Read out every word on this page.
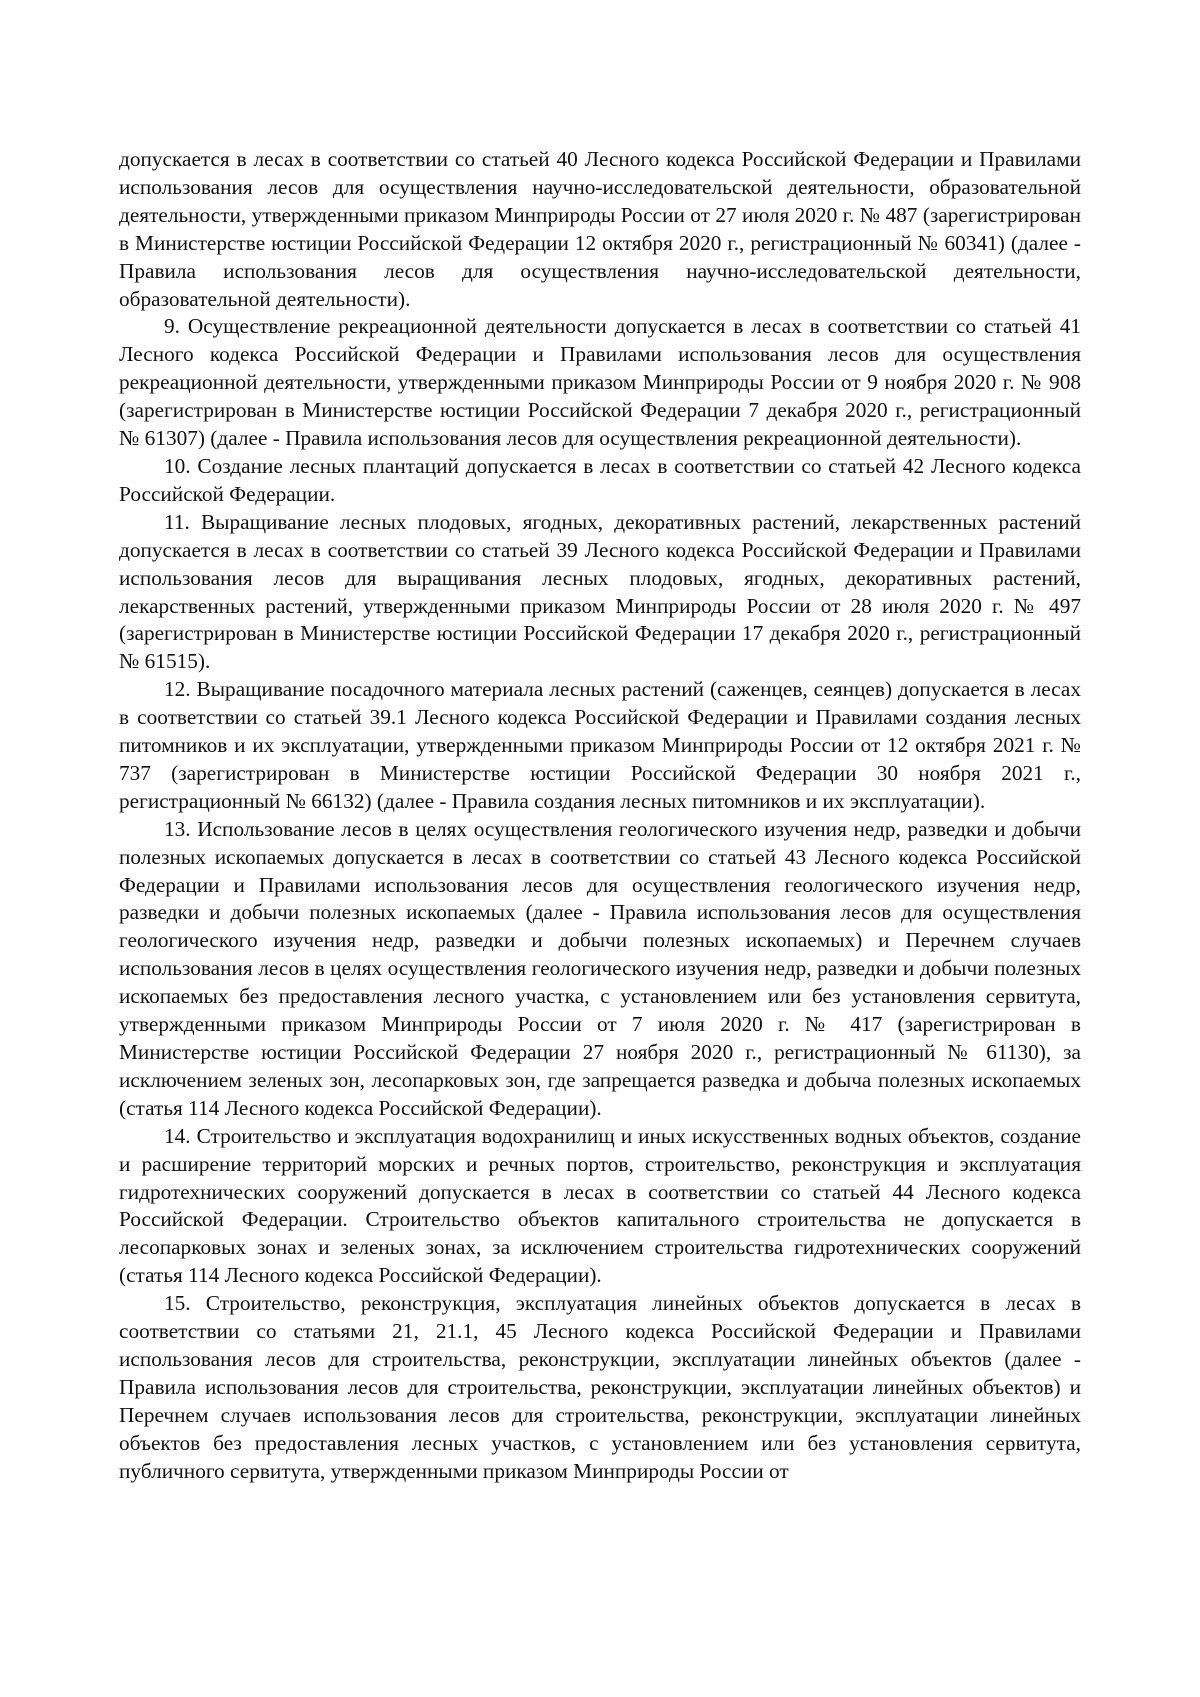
допускается в лесах в соответствии со статьей 40 Лесного кодекса Российской Федерации и Правилами использования лесов для осуществления научно-исследовательской деятельности, образовательной деятельности, утвержденными приказом Минприроды России от 27 июля 2020 г. № 487 (зарегистрирован в Министерстве юстиции Российской Федерации 12 октября 2020 г., регистрационный № 60341) (далее - Правила использования лесов для осуществления научно-исследовательской деятельности, образовательной деятельности).

9. Осуществление рекреационной деятельности допускается в лесах в соответствии со статьей 41 Лесного кодекса Российской Федерации и Правилами использования лесов для осуществления рекреационной деятельности, утвержденными приказом Минприроды России от 9 ноября 2020 г. № 908 (зарегистрирован в Министерстве юстиции Российской Федерации 7 декабря 2020 г., регистрационный № 61307) (далее - Правила использования лесов для осуществления рекреационной деятельности).

10. Создание лесных плантаций допускается в лесах в соответствии со статьей 42 Лесного кодекса Российской Федерации.

11. Выращивание лесных плодовых, ягодных, декоративных растений, лекарственных растений допускается в лесах в соответствии со статьей 39 Лесного кодекса Российской Федерации и Правилами использования лесов для выращивания лесных плодовых, ягодных, декоративных растений, лекарственных растений, утвержденными приказом Минприроды России от 28 июля 2020 г. № 497 (зарегистрирован в Министерстве юстиции Российской Федерации 17 декабря 2020 г., регистрационный № 61515).

12. Выращивание посадочного материала лесных растений (саженцев, сеянцев) допускается в лесах в соответствии со статьей 39.1 Лесного кодекса Российской Федерации и Правилами создания лесных питомников и их эксплуатации, утвержденными приказом Минприроды России от 12 октября 2021 г. № 737 (зарегистрирован в Министерстве юстиции Российской Федерации 30 ноября 2021 г., регистрационный № 66132) (далее - Правила создания лесных питомников и их эксплуатации).

13. Использование лесов в целях осуществления геологического изучения недр, разведки и добычи полезных ископаемых допускается в лесах в соответствии со статьей 43 Лесного кодекса Российской Федерации и Правилами использования лесов для осуществления геологического изучения недр, разведки и добычи полезных ископаемых (далее - Правила использования лесов для осуществления геологического изучения недр, разведки и добычи полезных ископаемых) и Перечнем случаев использования лесов в целях осуществления геологического изучения недр, разведки и добычи полезных ископаемых без предоставления лесного участка, с установлением или без установления сервитута, утвержденными приказом Минприроды России от 7 июля 2020 г. № 417 (зарегистрирован в Министерстве юстиции Российской Федерации 27 ноября 2020 г., регистрационный № 61130), за исключением зеленых зон, лесопарковых зон, где запрещается разведка и добыча полезных ископаемых (статья 114 Лесного кодекса Российской Федерации).

14. Строительство и эксплуатация водохранилищ и иных искусственных водных объектов, создание и расширение территорий морских и речных портов, строительство, реконструкция и эксплуатация гидротехнических сооружений допускается в лесах в соответствии со статьей 44 Лесного кодекса Российской Федерации. Строительство объектов капитального строительства не допускается в лесопарковых зонах и зеленых зонах, за исключением строительства гидротехнических сооружений (статья 114 Лесного кодекса Российской Федерации).

15. Строительство, реконструкция, эксплуатация линейных объектов допускается в лесах в соответствии со статьями 21, 21.1, 45 Лесного кодекса Российской Федерации и Правилами использования лесов для строительства, реконструкции, эксплуатации линейных объектов (далее - Правила использования лесов для строительства, реконструкции, эксплуатации линейных объектов) и Перечнем случаев использования лесов для строительства, реконструкции, эксплуатации линейных объектов без предоставления лесных участков, с установлением или без установления сервитута, публичного сервитута, утвержденными приказом Минприроды России от
